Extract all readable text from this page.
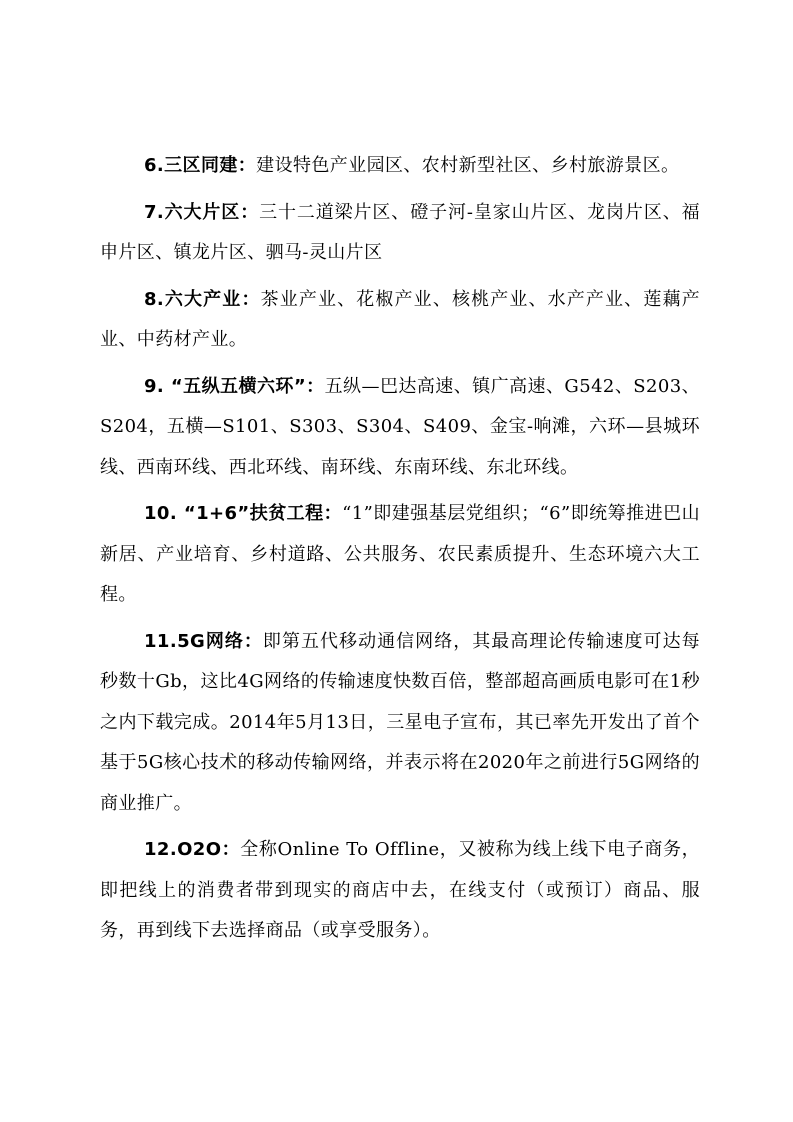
6.三区同建：建设特色产业园区、农村新型社区、乡村旅游景区。

7.六大片区：三十二道梁片区、磴子河-皇家山片区、龙岗片区、福申片区、镇龙片区、驷马-灵山片区

8.六大产业：茶业产业、花椒产业、核桃产业、水产产业、莲藕产业、中药材产业。

9. “五纵五横六环”：五纵—巴达高速、镇广高速、G542、S203、S204，五横—S101、S303、S304、S409、金宝-响滩，六环—县城环线、西南环线、西北环线、南环线、东南环线、东北环线。

10. “1+6”扶贫工程：“1”即建强基层党组织；“6”即统筹推进巴山新居、产业培育、乡村道路、公共服务、农民素质提升、生态环境六大工程。

11.5G网络：即第五代移动通信网络，其最高理论传输速度可达每秒数十Gb，这比4G网络的传输速度快数百倍，整部超高画质电影可在1秒之内下载完成。2014年5月13日，三星电子宣布，其已率先开发出了首个基于5G核心技术的移动传输网络，并表示将在2020年之前进行5G网络的商业推广。

12.O2O：全称Online To Offline，又被称为线上线下电子商务，即把线上的消费者带到现实的商店中去，在线支付（或预订）商品、服务，再到线下去选择商品（或享受服务）。
